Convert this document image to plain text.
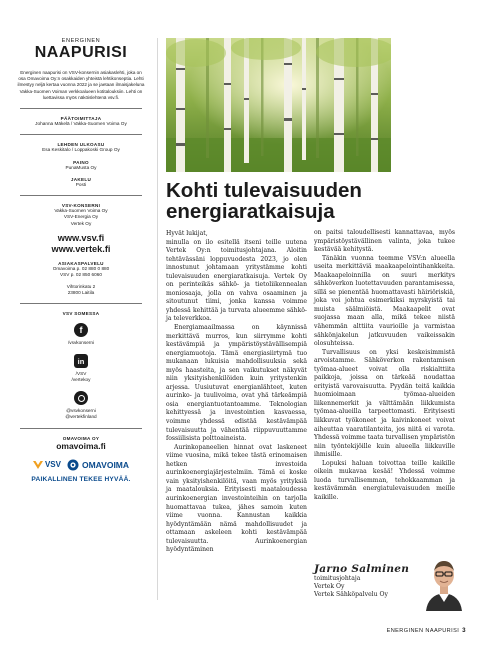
ENERGINEN
NAAPURISI
Energinen naapurisi on VSV-konsernin asiakaslehti, joka on osa Omavoima Oy:n osakkaiden yhteistä lehtikonseptia. Lehti ilmestyy neljä kertaa vuonna 2022 ja se jaetaan ilmaisjakeluna Vakka-Suomen Voiman verkkoalueen kotitalouksiin. Lehti on luettavissa myös näköislehtenä vsv.fi.
PÄÄTOIMITTAJA
Johanna Mäkelä / Vakka-Suomen Voima Oy
LEHDEN ULKOASU
Esa Keskitalo / Loppakoski Group Oy
PAINO
PunaMusta Oy
JAKELU
Posti
VSV-KONSERNI
Vakka-Suomen Voima Oy
VSV-Energia Oy
Vertek Oy
www.vsv.fi
www.vertek.fi
ASIAKASPALVELU
Omavoima p. 02 880 0 880
VSV p. 02 850 6060
Vihtorinkatu 2
23800 Laitila
VSV SOMESSA
f
/vsvkonserni
in
/VSV
/vertekoy
@vsvkonserni
@vertekfinland
OMAVOIMA OY
omavoima.fi
VSV OMAVOIMA
PAIKALLINEN TEKEE HYVÄÄ.
Kohti tulevaisuuden energiaratkaisuja

Hyvät lukijat,

minulla on ilo esitellä itseni teille uutena Vertek Oy:n toimitusjohtajana. Aloitin tehtävässäni loppuvuodesta 2023, jo olen innostunut johtamaan yritystämme kohti tulevaisuuden energiaratkaisuja. Vertek Oy on perinteikäs sähkö- ja tietoliikennealan moniosaaja, jolla on vahva osaaminen ja sitoutunut tiimi, jonka kanssa voimme yhdessä kehittää ja turvata alueemme sähkö- ja televerkkoa.

Energiamaailmassa on käynnissä merkittävä murros, kun siirrymme kohti kestävämpiä ja ympäristöystävällisempiä energiamuotoja. Tämä energiasiirtymä tuo mukanaan lukuisia mahdollisuuksia sekä myös haasteita, ja sen vaikutukset näkyvät niin yksityishenkilöiden kuin yritystenkin arjessa. Uusiutuvat energianlähteet, kuten aurinko- ja tuulivoima, ovat yhä tärkeämpiä osia energiantuotantoamme. Teknologian kehittyessä ja investointien kasvaessa, voimme yhdessä edistää kestävämpää tulevaisuutta ja vähentää riippuvuuttamme fossiilisista polttoaineista.

Aurinkopaneelien hinnat ovat laskeneet viime vuosina, mikä tekee tästä erinomaisen hetken investoida aurinkoenergiajärjestelmiin. Tämä ei koske vain yksityishenkilöitä, vaan myös yrityksiä ja maatalouksia. Erityisesti maataloudessa aurinkoenergian investointeihin on tarjolla huomattavaa tukea, jähes samoin kuten viime vuonna. Kannustan kaikkia hyödyntämään nämä mahdollisuudet ja ottamaan askeleen kohti kestävämpää tulevaisuutta. Aurinkoenergian hyödyntäminen

on paitsi taloudellisesti kannattavaa, myös ympäristöystävällinen valinta, joka tukee kestävää kehitystä.

Tänäkin vuonna teemme VSV:n alueella useita merkittäviä maakaapelointihankkeita. Maakaapeloinnilla on suuri merkitys sähköverkon luotettavuuden parantamisessa, sillä se pienentää huomattavasti häiriöriskiä, joka voi johtua esimerkiksi myrskyistä tai muista säälmiöistä. Maakaapelit ovat suojassa maan alla, mikä tekee niistä vähemmän alttiita vaurioille ja varmistaa sähkönjakelun jatkuvuuden vaikeissakin olosuhteissa.

Turvallisuus on yksi keskeisimmistä arvoistamme. Sähköverkon rakentamisen työmaa-alueet voivat olla riskialttiita paikkoja, joissa on tärkeää noudattaa erityistä varovaisuutta. Pyydän teitä kaikkia huomioimaan työmaa-alueiden liikennemerkit ja välttämään liikkumista työmaa-alueilla tarpeettomasti. Erityisesti liikkuvat työkoneet ja kaivinkoneet voivat aiheuttaa vaaratilanteita, jos niitä ei varota. Yhdessä voimme taata turvallisen ympäristön niin työntekijöille kuin alueella liikkuville ihmisille.

Lopuksi haluan toivottaa teille kaikille oikein mukavaa kesää! Yhdessä voimme luoda turvallisemman, tehokkaamman ja kestävämmän energiatulevaisuuden meille kaikille.

Jarno Salminen
toimitusjohtaja
Vertek Oy
Vertek Sähköpalvelu Oy
ENERGINEN NAAPURISI 3
